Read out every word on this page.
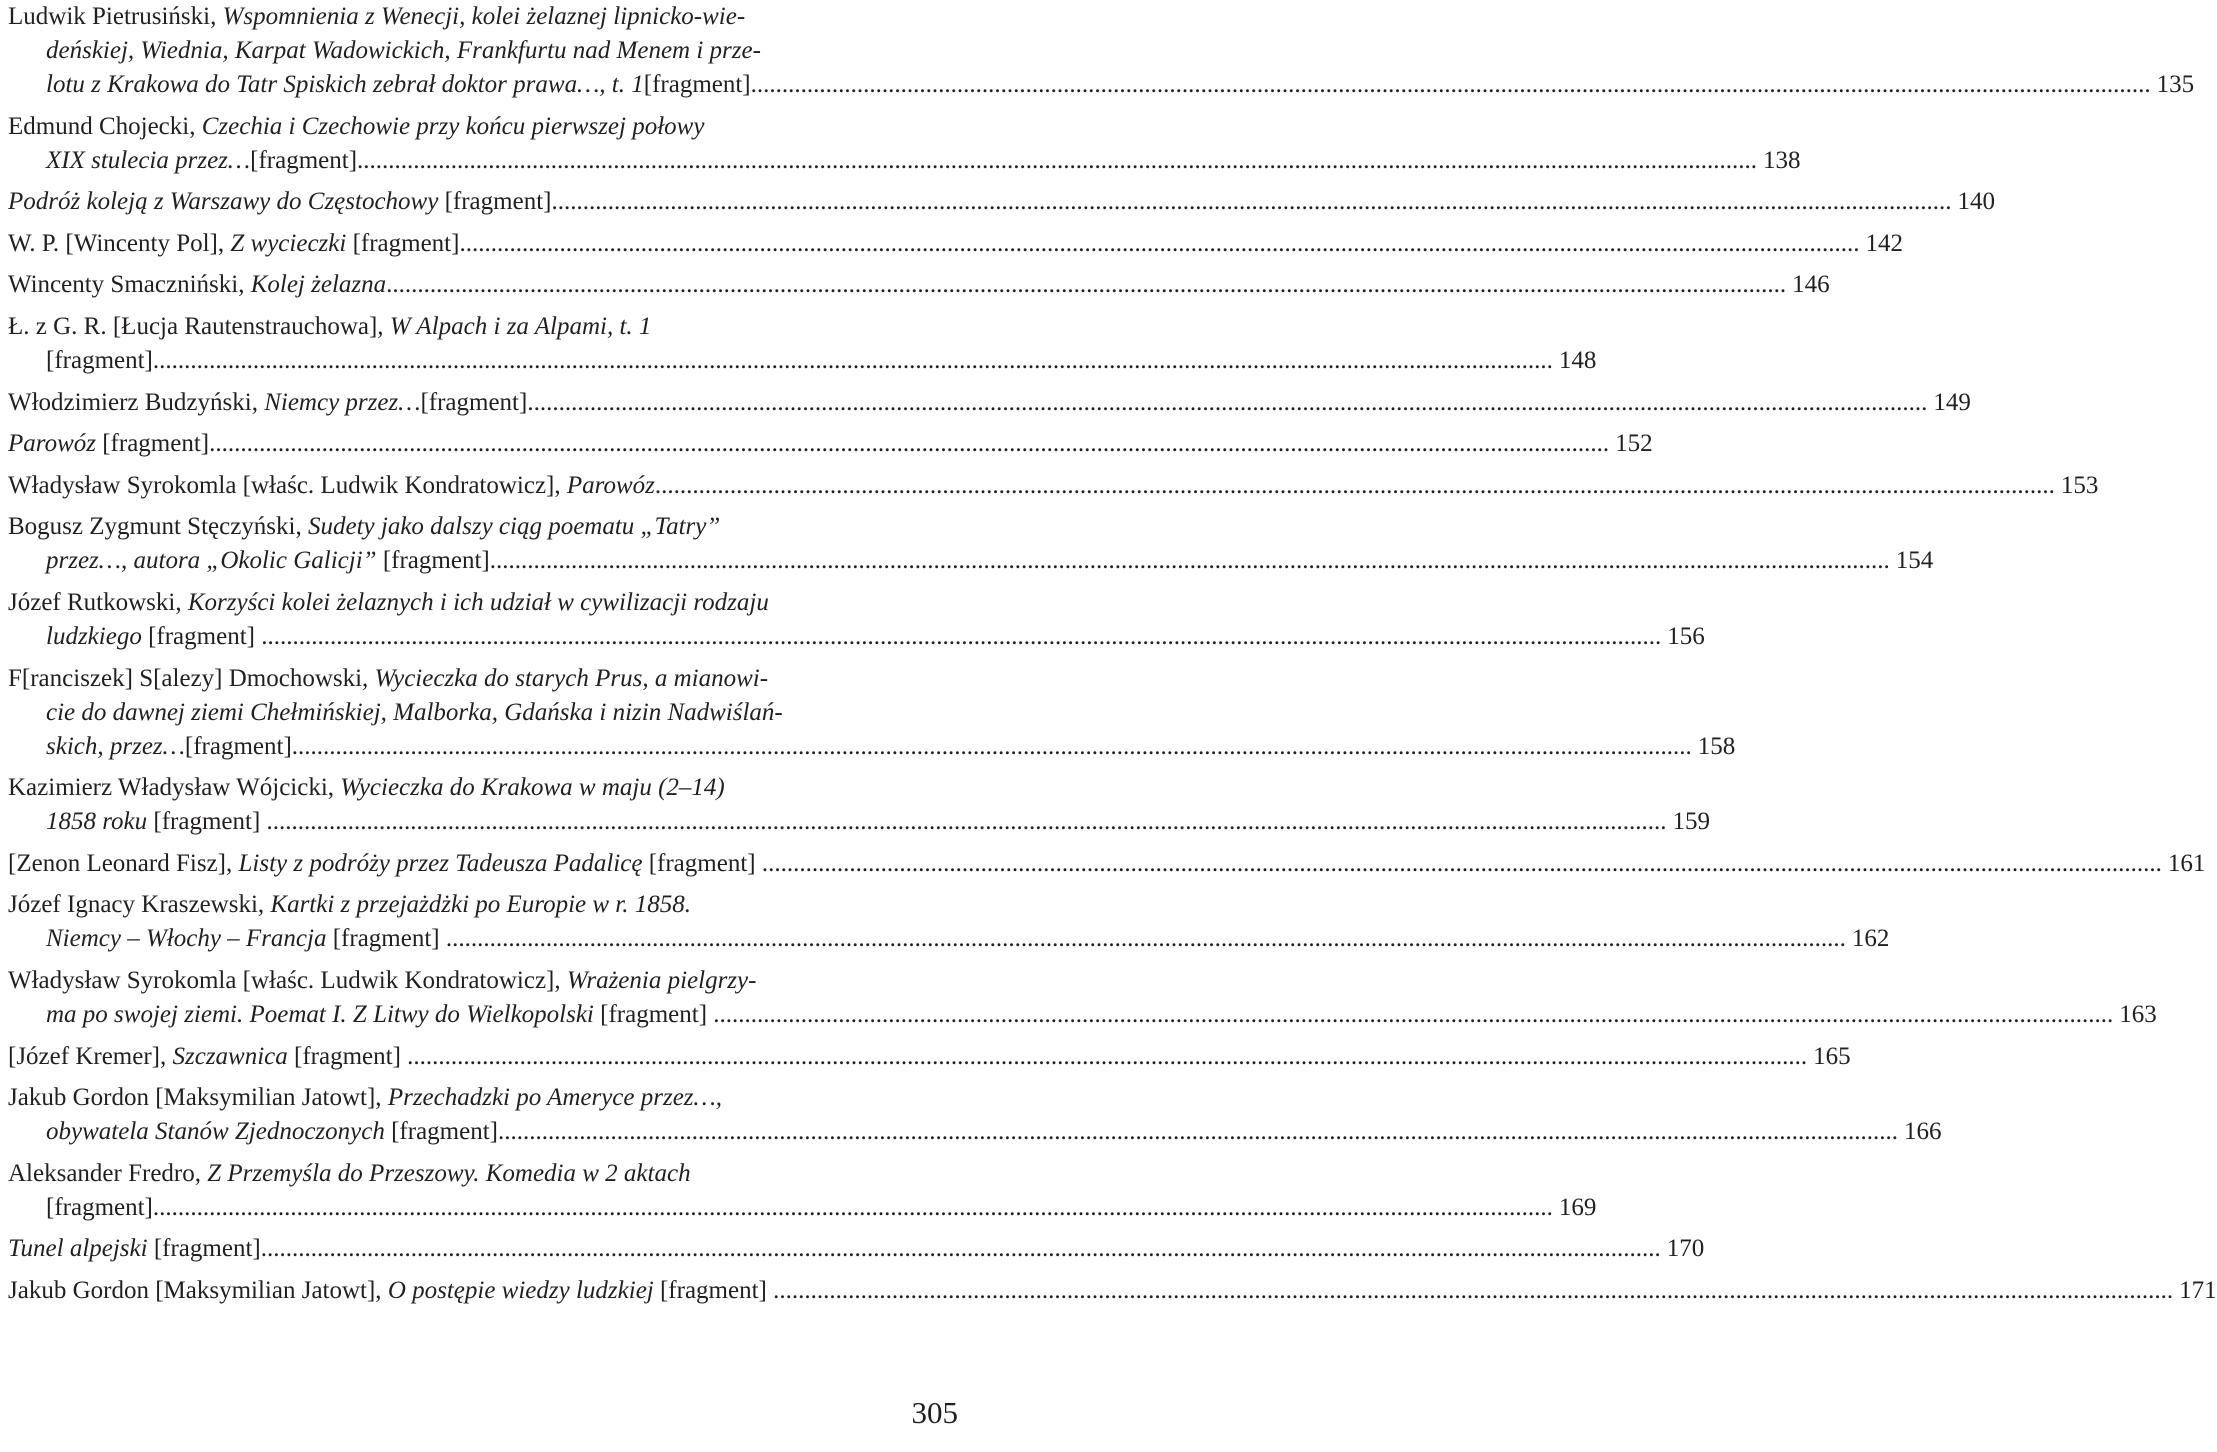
Ludwik Pietrusiński, Wspomnienia z Wenecji, kolei żelaznej lipnicko-wie-
deńskiej, Wiednia, Karpat Wadowickich, Frankfurtu nad Menem i prze-
lotu z Krakowa do Tatr Spiskich zebrał doktor prawa…, t. 1[fragment] .....	135
Edmund Chojecki, Czechia i Czechowie przy końcu pierwszej połowy
XIX stulecia przez…[fragment] .....	138
Podróż koleją z Warszawy do Częstochowy [fragment] .....	140
W. P. [Wincenty Pol], Z wycieczki [fragment] .....	142
Wincenty Smaczniński, Kolej żelazna .....	146
Ł. z G. R. [Łucja Rautenstrauchowa], W Alpach i za Alpami, t. 1
[fragment] .....	148
Włodzimierz Budzyński, Niemcy przez…[fragment] .....	149
Parowóz [fragment] .....	152
Władysław Syrokomla [właśc. Ludwik Kondratowicz], Parowóz .....	153
Bogusz Zygmunt Stęczyński, Sudety jako dalszy ciąg poematu „Tatry”
przez…, autora „Okolic Galicji” [fragment] .....	154
Józef Rutkowski, Korzyści kolei żelaznych i ich udział w cywilizacji rodzaju
ludzkiego [fragment] .....	156
F[ranciszek] S[alezy] Dmochowski, Wycieczka do starych Prus, a mianowi-
cie do dawnej ziemi Chełmińskiej, Malborka, Gdańska i nizin Nadwiślań-
skich, przez…[fragment] .....	158
Kazimierz Władysław Wójcicki, Wycieczka do Krakowa w maju (2–14)
1858 roku [fragment] .....	159
[Zenon Leonard Fisz], Listy z podróży przez Tadeusza Padalicę [fragment] .....	161
Józef Ignacy Kraszewski, Kartki z przejażdżki po Europie w r. 1858.
Niemcy – Włochy – Francja [fragment] .....	162
Władysław Syrokomla [właśc. Ludwik Kondratowicz], Wrażenia pielgrzy-
ma po swojej ziemi. Poemat I. Z Litwy do Wielkopolski [fragment] .....	163
[Józef Kremer], Szczawnica [fragment] .....	165
Jakub Gordon [Maksymilian Jatowt], Przechadzki po Ameryce przez…,
obywatela Stanów Zjednoczonych [fragment] .....	166
Aleksander Fredro, Z Przemyśla do Przeszowy. Komedia w 2 aktach
[fragment] .....	169
Tunel alpejski [fragment] .....	170
Jakub Gordon [Maksymilian Jatowt], O postępie wiedzy ludzkiej [fragment] .....	171
305
